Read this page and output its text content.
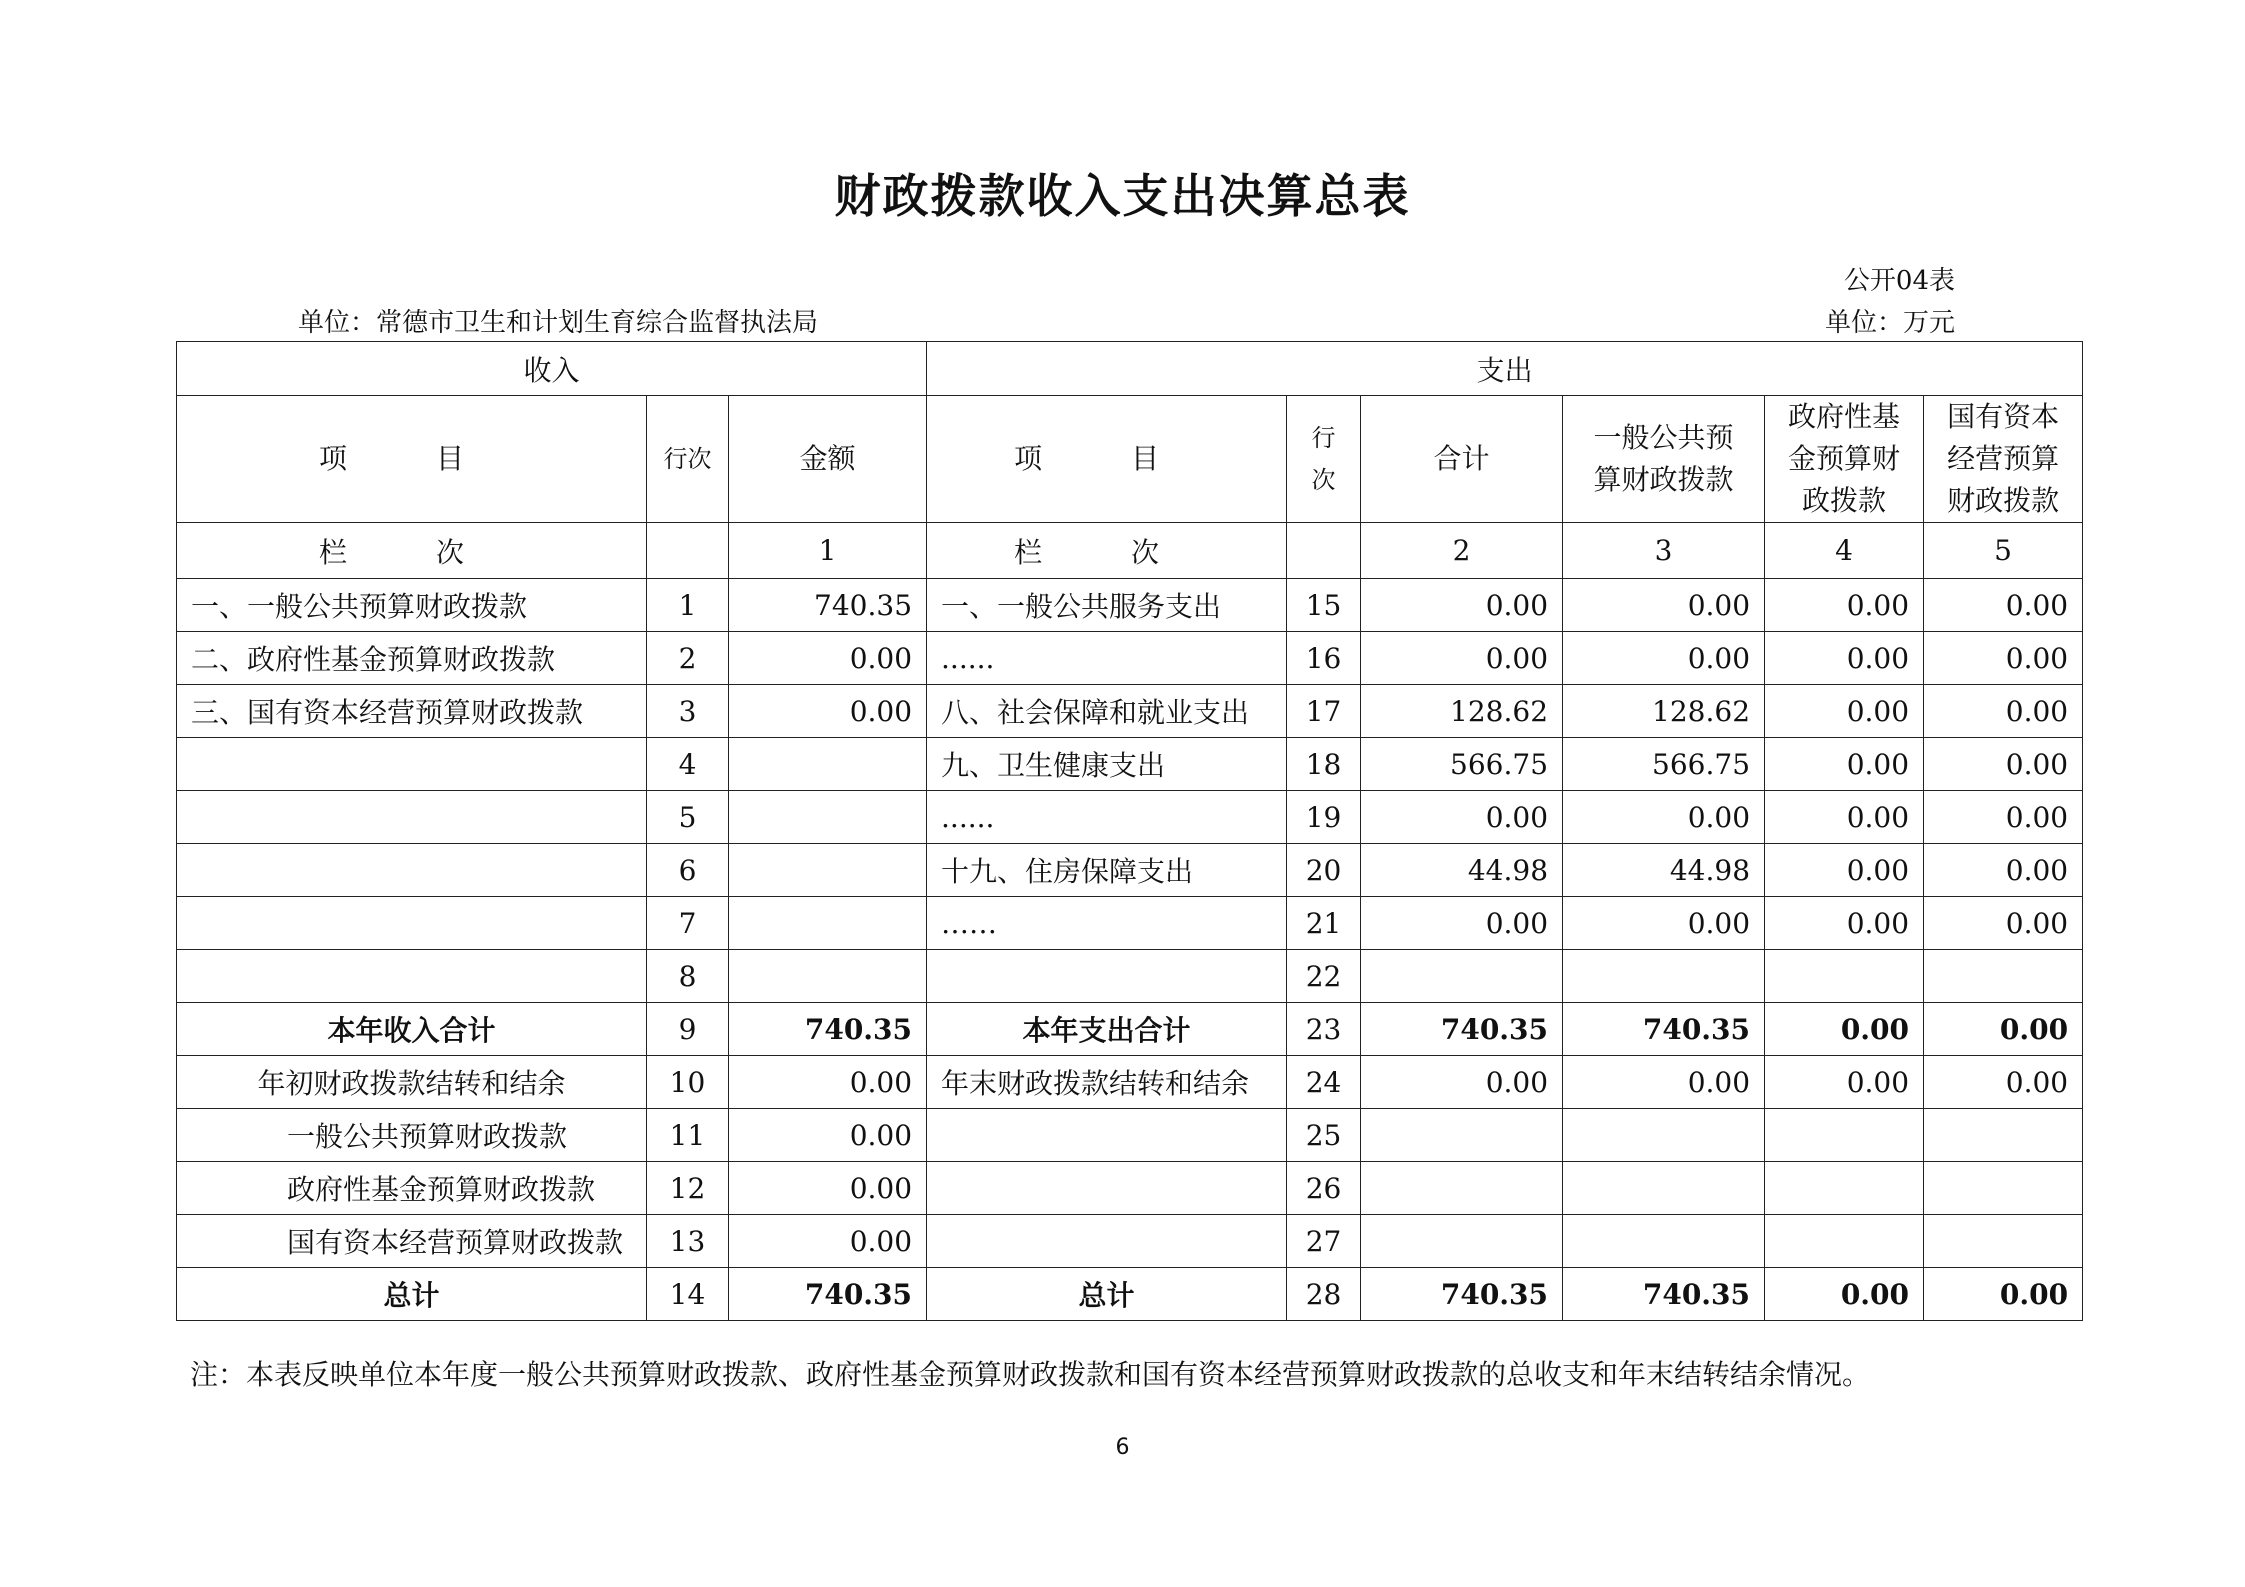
财政拨款收入支出决算总表
公开04表
单位：常德市卫生和计划生育综合监督执法局	单位：万元
收入			支出					
项 目	行次	金额	项 目	行次	合计	一般公共预算财政拨款	政府性基金预算财政拨款	国有资本经营预算财政拨款
栏 次		1	栏 次		2	3	4	5
一、一般公共预算财政拨款	1	740.35	一、一般公共服务支出	15	0.00	0.00	0.00	0.00
二、政府性基金预算财政拨款	2	0.00	......	16	0.00	0.00	0.00	0.00
三、国有资本经营预算财政拨款	3	0.00	八、社会保障和就业支出	17	128.62	128.62	0.00	0.00
	4		九、卫生健康支出	18	566.75	566.75	0.00	0.00
	5		......	19	0.00	0.00	0.00	0.00
	6		十九、住房保障支出	20	44.98	44.98	0.00	0.00
	7		……	21	0.00	0.00	0.00	0.00
	8			22				
本年收入合计	9	740.35	本年支出合计	23	740.35	740.35	0.00	0.00
年初财政拨款结转和结余	10	0.00	年末财政拨款结转和结余	24	0.00	0.00	0.00	0.00
一般公共预算财政拨款	11	0.00		25				
政府性基金预算财政拨款	12	0.00		26				
国有资本经营预算财政拨款	13	0.00		27				
总计	14	740.35	总计	28	740.35	740.35	0.00	0.00
注：本表反映单位本年度一般公共预算财政拨款、政府性基金预算财政拨款和国有资本经营预算财政拨款的总收支和年末结转结余情况。
6
